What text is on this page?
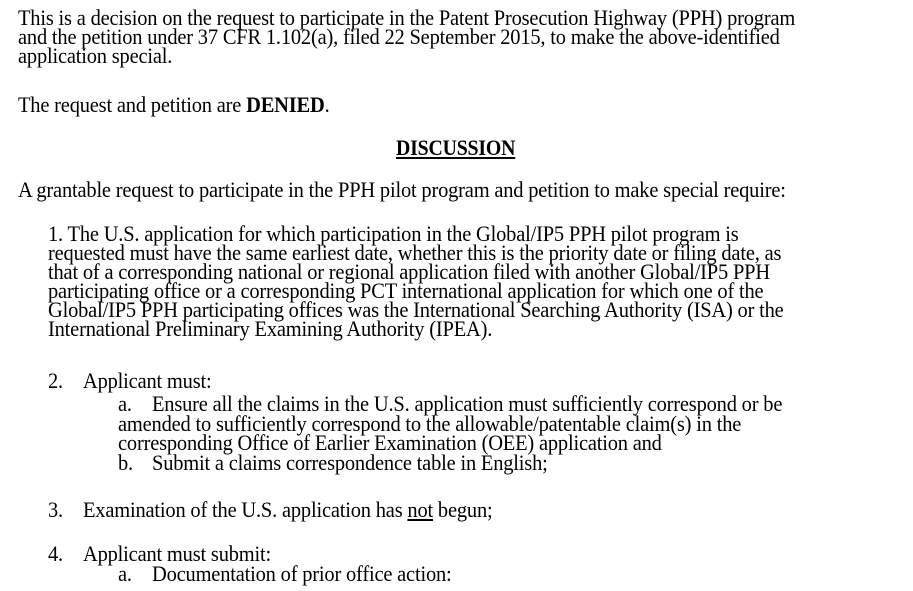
This is a decision on the request to participate in the Patent Prosecution Highway (PPH) program
and the petition under 37 CFR 1.102(a), filed 22 September 2015, to make the above-identified
application special.
The request and petition are DENIED.
DISCUSSION
A grantable request to participate in the PPH pilot program and petition to make special require:
1. The U.S. application for which participation in the Global/IP5 PPH pilot program is
requested must have the same earliest date, whether this is the priority date or filing date, as
that of a corresponding national or regional application filed with another Global/IP5 PPH
participating office or a corresponding PCT international application for which one of the
Global/IP5 PPH participating offices was the International Searching Authority (ISA) or the
International Preliminary Examining Authority (IPEA).
2. Applicant must:
a. Ensure all the claims in the U.S. application must sufficiently correspond or be
amended to sufficiently correspond to the allowable/patentable claim(s) in the
corresponding Office of Earlier Examination (OEE) application and
b. Submit a claims correspondence table in English;
3. Examination of the U.S. application has not begun;
4. Applicant must submit:
a. Documentation of prior office action:
